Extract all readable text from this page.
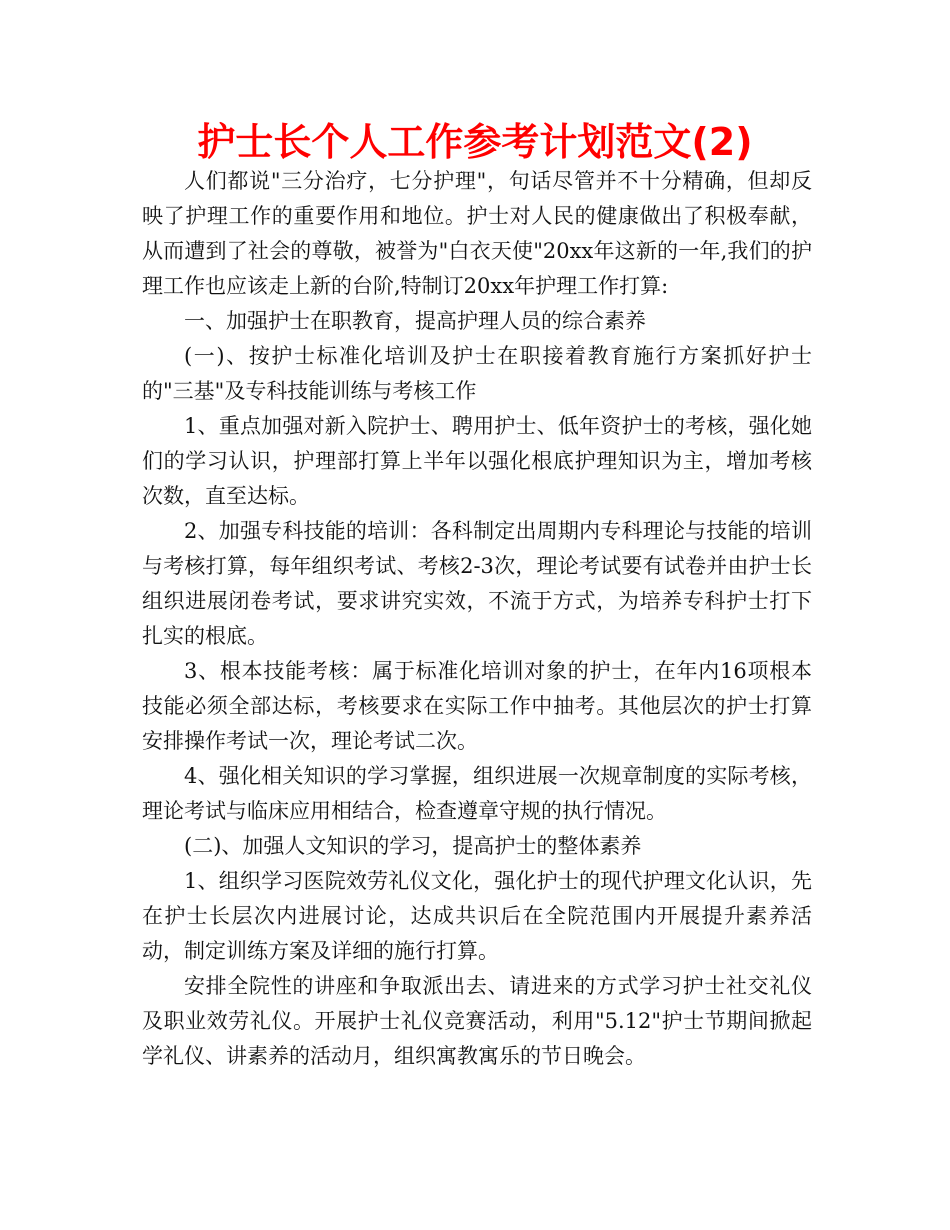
护士长个人工作参考计划范文(2)

人们都说"三分治疗，七分护理"，句话尽管并不十分精确，但却反映了护理工作的重要作用和地位。护士对人民的健康做出了积极奉献，从而遭到了社会的尊敬，被誉为"白衣天使"20xx年这新的一年,我们的护理工作也应该走上新的台阶,特制订20xx年护理工作打算:

一、加强护士在职教育，提高护理人员的综合素养

(一)、按护士标准化培训及护士在职接着教育施行方案抓好护士的"三基"及专科技能训练与考核工作

1、重点加强对新入院护士、聘用护士、低年资护士的考核，强化她们的学习认识，护理部打算上半年以强化根底护理知识为主，增加考核次数，直至达标。

2、加强专科技能的培训：各科制定出周期内专科理论与技能的培训与考核打算，每年组织考试、考核2-3次，理论考试要有试卷并由护士长组织进展闭卷考试，要求讲究实效，不流于方式，为培养专科护士打下扎实的根底。

3、根本技能考核：属于标准化培训对象的护士，在年内16项根本技能必须全部达标，考核要求在实际工作中抽考。其他层次的护士打算安排操作考试一次，理论考试二次。

4、强化相关知识的学习掌握，组织进展一次规章制度的实际考核，理论考试与临床应用相结合，检查遵章守规的执行情况。

(二)、加强人文知识的学习，提高护士的整体素养

1、组织学习医院效劳礼仪文化，强化护士的现代护理文化认识，先在护士长层次内进展讨论，达成共识后在全院范围内开展提升素养活动，制定训练方案及详细的施行打算。

安排全院性的讲座和争取派出去、请进来的方式学习护士社交礼仪及职业效劳礼仪。开展护士礼仪竞赛活动，利用"5.12"护士节期间掀起学礼仪、讲素养的活动月，组织寓教寓乐的节日晚会。
